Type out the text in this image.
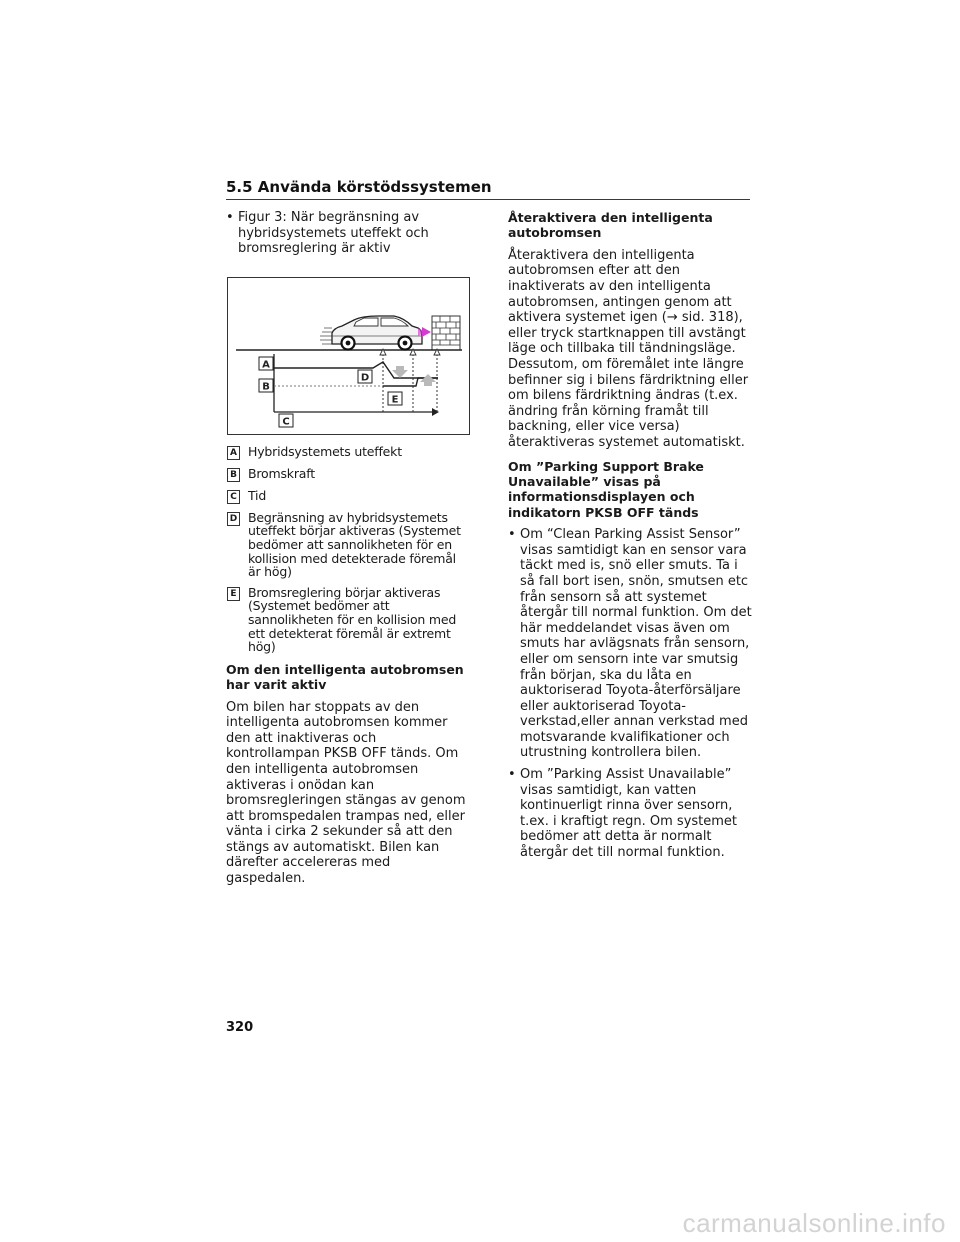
5.5 Använda körstödssystemen
• Figur 3: När begränsning av hybridsystemets uteffekt och bromsreglering är aktiv
A
B
C
D
E
A Hybridsystemets uteffekt
B Bromskraft
C Tid
D Begränsning av hybridsystemets uteffekt börjar aktiveras (Systemet bedömer att sannolikheten för en kollision med detekterade föremål är hög)
E Bromsreglering börjar aktiveras (Systemet bedömer att sannolikheten för en kollision med ett detekterat föremål är extremt hög)
Om den intelligenta autobromsen har varit aktiv
Om bilen har stoppats av den intelligenta autobromsen kommer den att inaktiveras och kontrollampan PKSB OFF tänds. Om den intelligenta autobromsen aktiveras i onödan kan bromsregleringen stängas av genom att bromspedalen trampas ned, eller vänta i cirka 2 sekunder så att den stängs av automatiskt. Bilen kan därefter accelereras med gaspedalen.
Återaktivera den intelligenta autobromsen
Återaktivera den intelligenta autobromsen efter att den inaktiverats av den intelligenta autobromsen, antingen genom att aktivera systemet igen (→ sid. 318), eller tryck startknappen till avstängt läge och tillbaka till tändningsläge. Dessutom, om föremålet inte längre befinner sig i bilens färdriktning eller om bilens färdriktning ändras (t.ex. ändring från körning framåt till backning, eller vice versa) återaktiveras systemet automatiskt.
Om ”Parking Support Brake Unavailable” visas på informationsdisplayen och indikatorn PKSB OFF tänds
• Om “Clean Parking Assist Sensor” visas samtidigt kan en sensor vara täckt med is, snö eller smuts. Ta i så fall bort isen, snön, smutsen etc från sensorn så att systemet återgår till normal funktion. Om det här meddelandet visas även om smuts har avlägsnats från sensorn, eller om sensorn inte var smutsig från början, ska du låta en auktoriserad Toyota-återförsäljare eller auktoriserad Toyota-verkstad,eller annan verkstad med motsvarande kvalifikationer och utrustning kontrollera bilen.
• Om ”Parking Assist Unavailable” visas samtidigt, kan vatten kontinuerligt rinna över sensorn, t.ex. i kraftigt regn. Om systemet bedömer att detta är normalt återgår det till normal funktion.
320
carmanualsonline.info
